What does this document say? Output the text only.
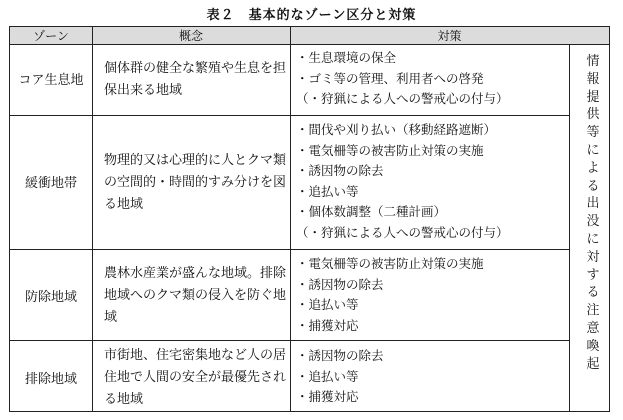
表２　基本的なゾーン区分と対策
ゾーン	概念	対策
コア生息地
個体群の健全な繁殖や生息を担保出来る地域
・生息環境の保全
・ゴミ等の管理、利用者への啓発
（・狩猟による人への警戒心の付与）
緩衝地帯
物理的又は心理的に人とクマ類の空間的・時間的すみ分けを図る地域
・間伐や刈り払い（移動経路遮断）
・電気柵等の被害防止対策の実施
・誘因物の除去
・追払い等
・個体数調整（二種計画）
（・狩猟による人への警戒心の付与）
防除地域
農林水産業が盛んな地域。排除地域へのクマ類の侵入を防ぐ地域
・電気柵等の被害防止対策の実施
・誘因物の除去
・追払い等
・捕獲対応
排除地域
市街地、住宅密集地など人の居住地で人間の安全が最優先される地域
・誘因物の除去
・追払い等
・捕獲対応
情報提供等による出没に対する注意喚起
